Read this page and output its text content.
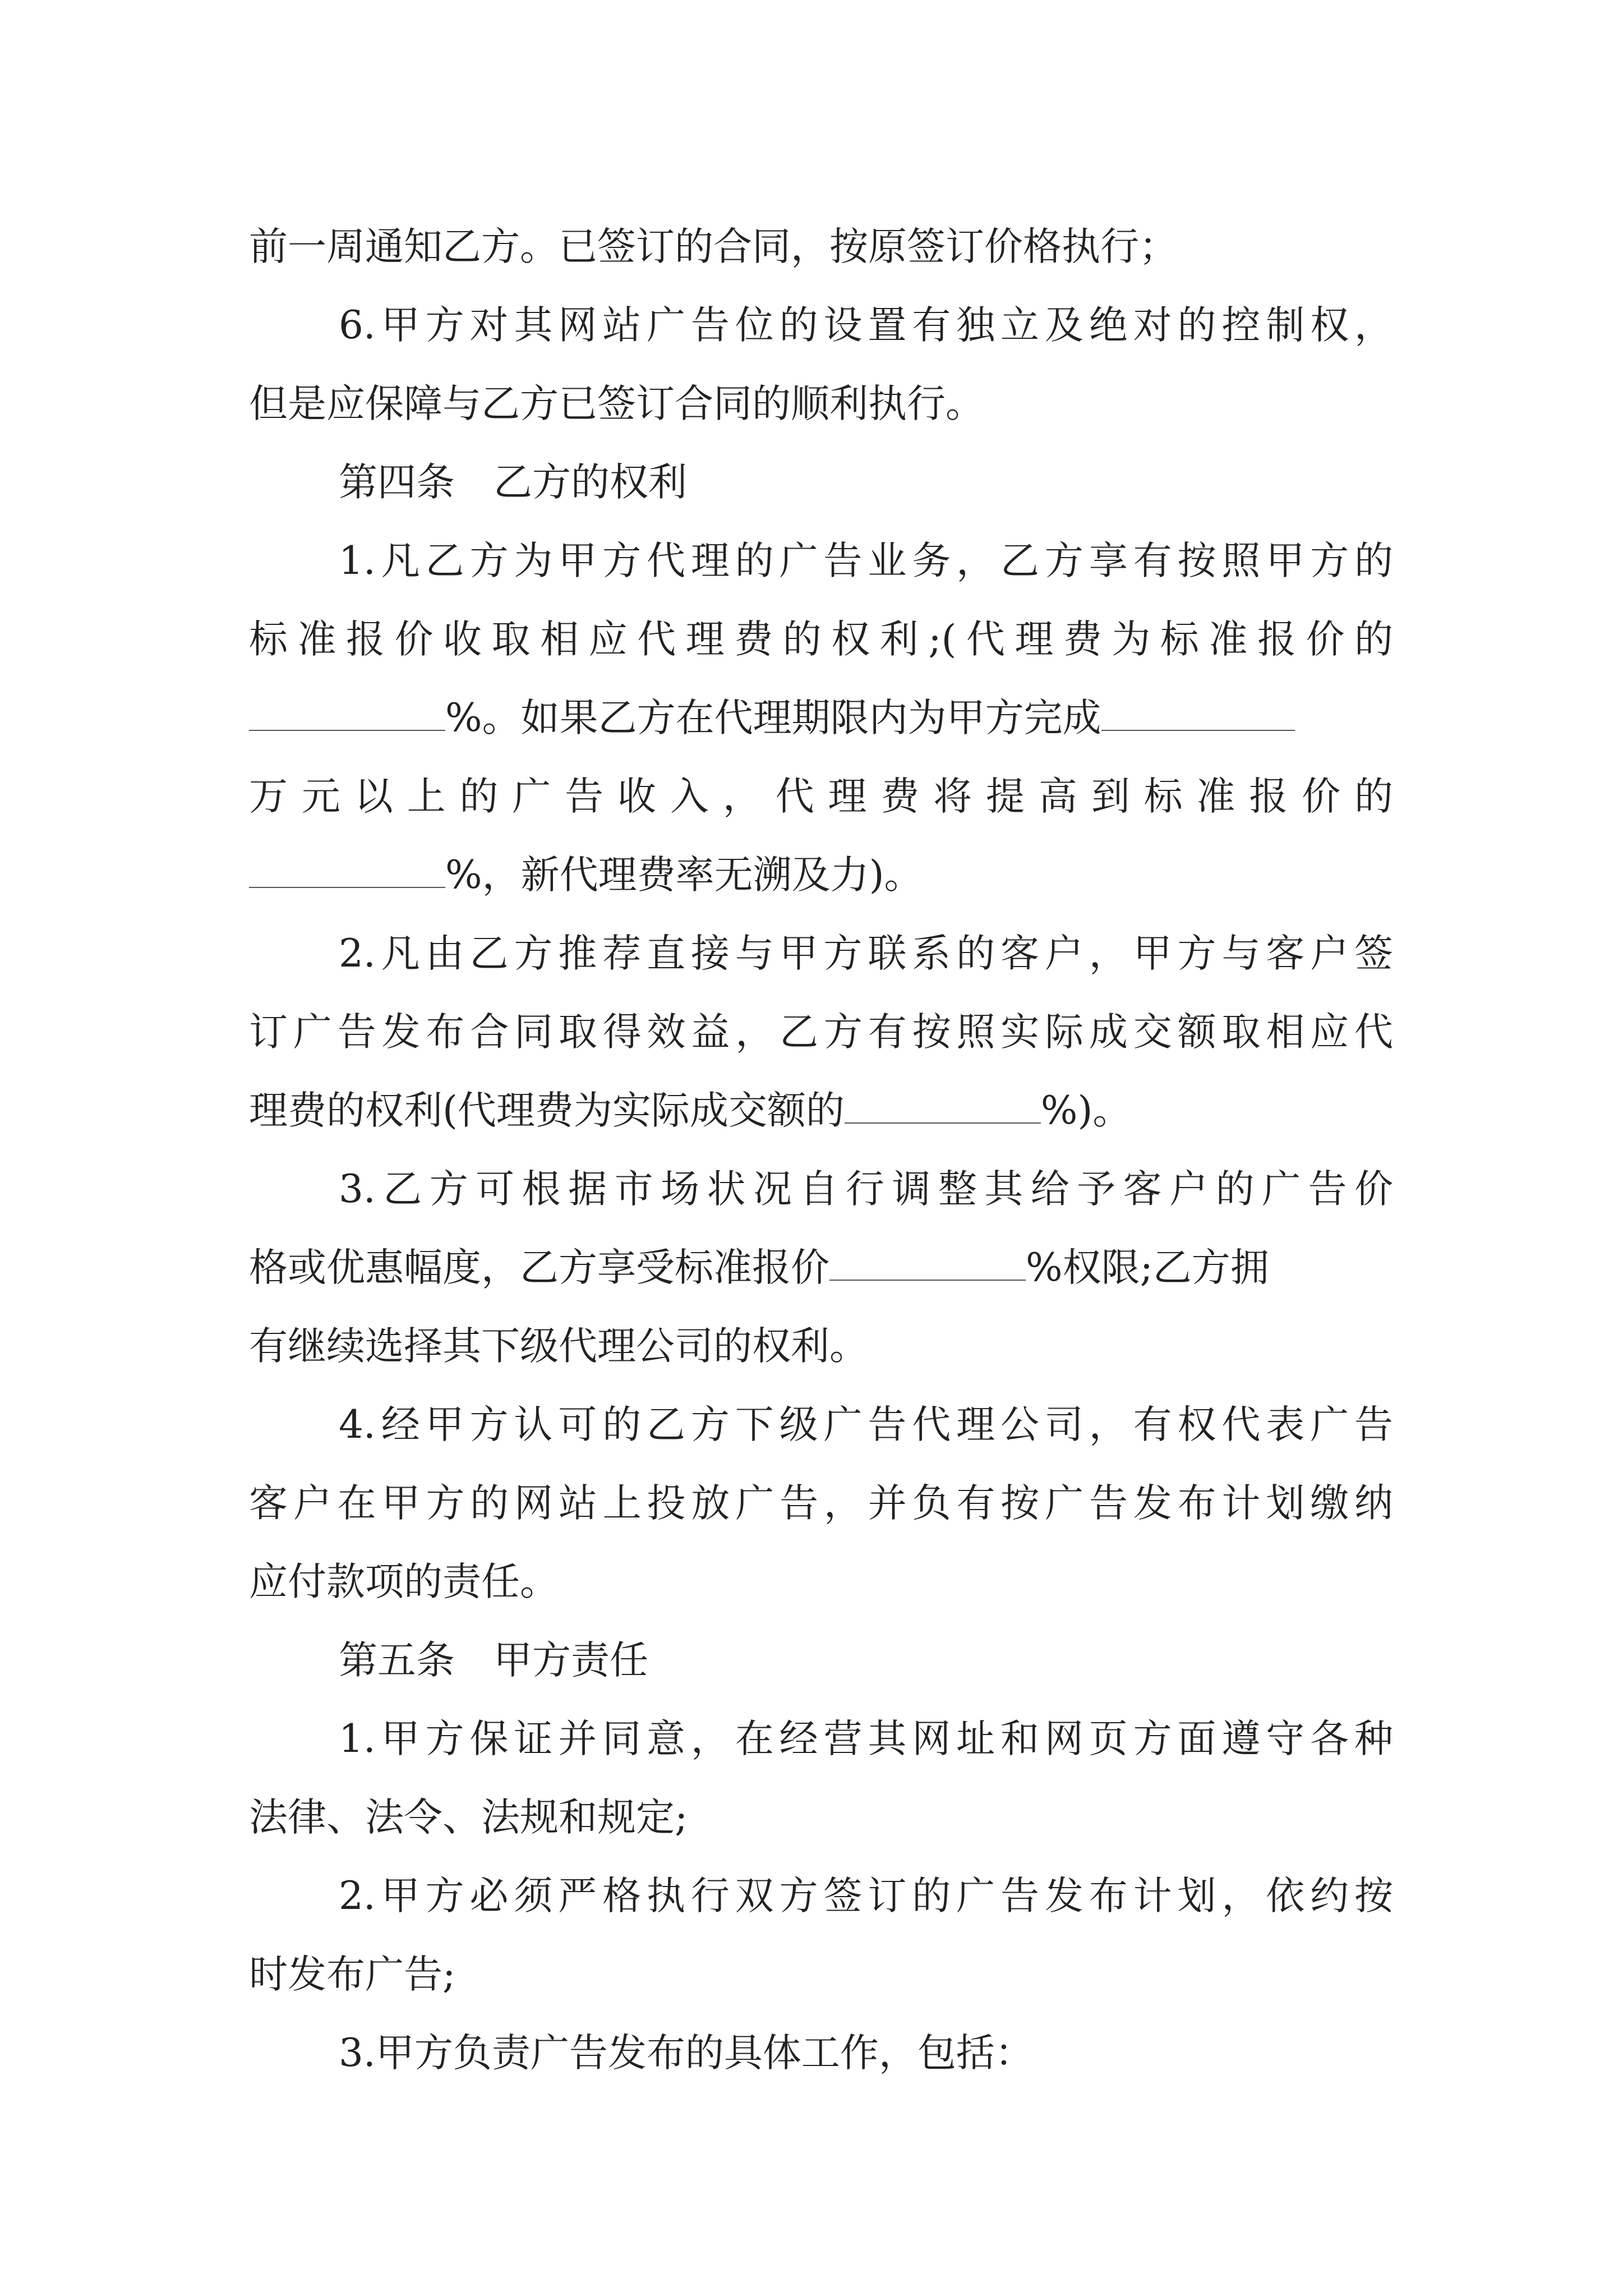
前一周通知乙方。已签订的合同，按原签订价格执行；
6.甲方对其网站广告位的设置有独立及绝对的控制权，
但是应保障与乙方已签订合同的顺利执行。
第四条　乙方的权利
1.凡乙方为甲方代理的广告业务，乙方享有按照甲方的
标准报价收取相应代理费的权利;(代理费为标准报价的
%。如果乙方在代理期限内为甲方完成
万元以上的广告收入，代理费将提高到标准报价的
%，新代理费率无溯及力)。
2.凡由乙方推荐直接与甲方联系的客户，甲方与客户签
订广告发布合同取得效益，乙方有按照实际成交额取相应代
理费的权利(代理费为实际成交额的	%)。
3.乙方可根据市场状况自行调整其给予客户的广告价
格或优惠幅度，乙方享受标准报价	%权限;乙方拥
有继续选择其下级代理公司的权利。
4.经甲方认可的乙方下级广告代理公司，有权代表广告
客户在甲方的网站上投放广告，并负有按广告发布计划缴纳
应付款项的责任。
第五条　甲方责任
1.甲方保证并同意，在经营其网址和网页方面遵守各种
法律、法令、法规和规定;
2.甲方必须严格执行双方签订的广告发布计划，依约按
时发布广告;
3.甲方负责广告发布的具体工作，包括：
